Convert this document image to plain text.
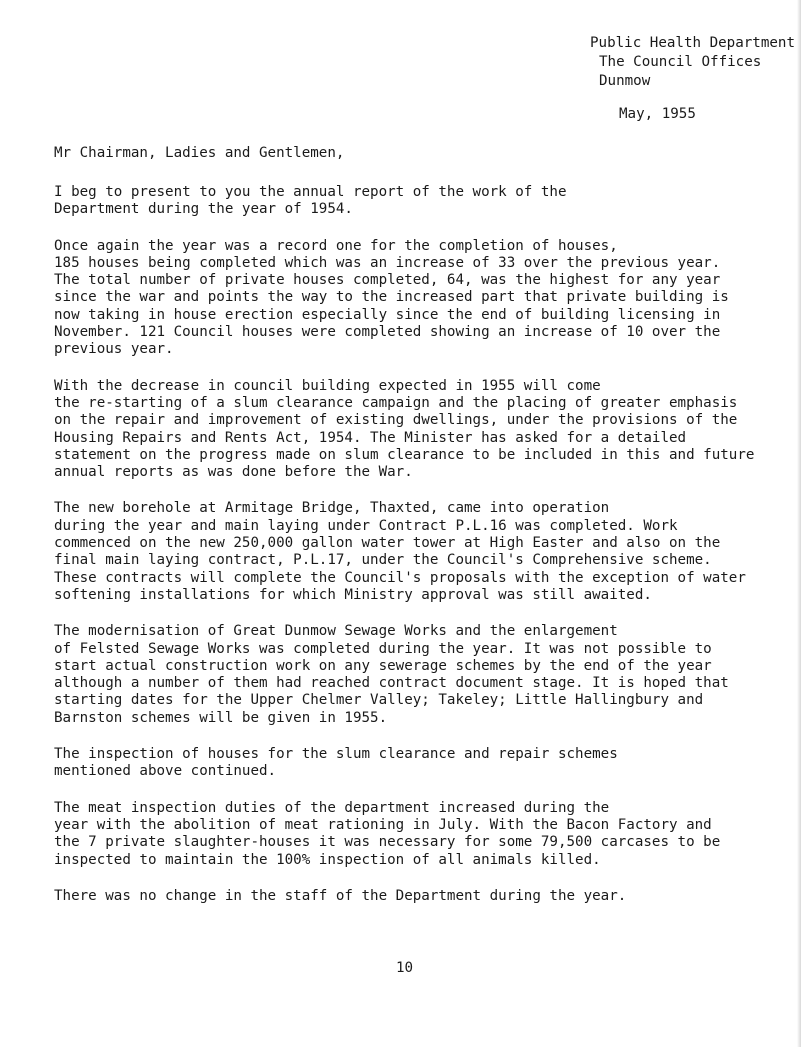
Public Health Department
The Council Offices
Dunmow
May, 1955
Mr Chairman, Ladies and Gentlemen,

I beg to present to you the annual report of the work of the
Department during the year of 1954.

Once again the year was a record one for the completion of houses,
185 houses being completed which was an increase of 33 over the previous year.
The total number of private houses completed, 64, was the highest for any year
since the war and points the way to the increased part that private building is
now taking in house erection especially since the end of building licensing in
November. 121 Council houses were completed showing an increase of 10 over the
previous year.

With the decrease in council building expected in 1955 will come
the re-starting of a slum clearance campaign and the placing of greater emphasis
on the repair and improvement of existing dwellings, under the provisions of the
Housing Repairs and Rents Act, 1954. The Minister has asked for a detailed
statement on the progress made on slum clearance to be included in this and future
annual reports as was done before the War.

The new borehole at Armitage Bridge, Thaxted, came into operation
during the year and main laying under Contract P.L.16 was completed. Work
commenced on the new 250,000 gallon water tower at High Easter and also on the
final main laying contract, P.L.17, under the Council's Comprehensive scheme.
These contracts will complete the Council's proposals with the exception of water
softening installations for which Ministry approval was still awaited.

The modernisation of Great Dunmow Sewage Works and the enlargement
of Felsted Sewage Works was completed during the year. It was not possible to
start actual construction work on any sewerage schemes by the end of the year
although a number of them had reached contract document stage. It is hoped that
starting dates for the Upper Chelmer Valley; Takeley; Little Hallingbury and
Barnston schemes will be given in 1955.

The inspection of houses for the slum clearance and repair schemes
mentioned above continued.

The meat inspection duties of the department increased during the
year with the abolition of meat rationing in July. With the Bacon Factory and
the 7 private slaughter-houses it was necessary for some 79,500 carcases to be
inspected to maintain the 100% inspection of all animals killed.

There was no change in the staff of the Department during the year.

10
